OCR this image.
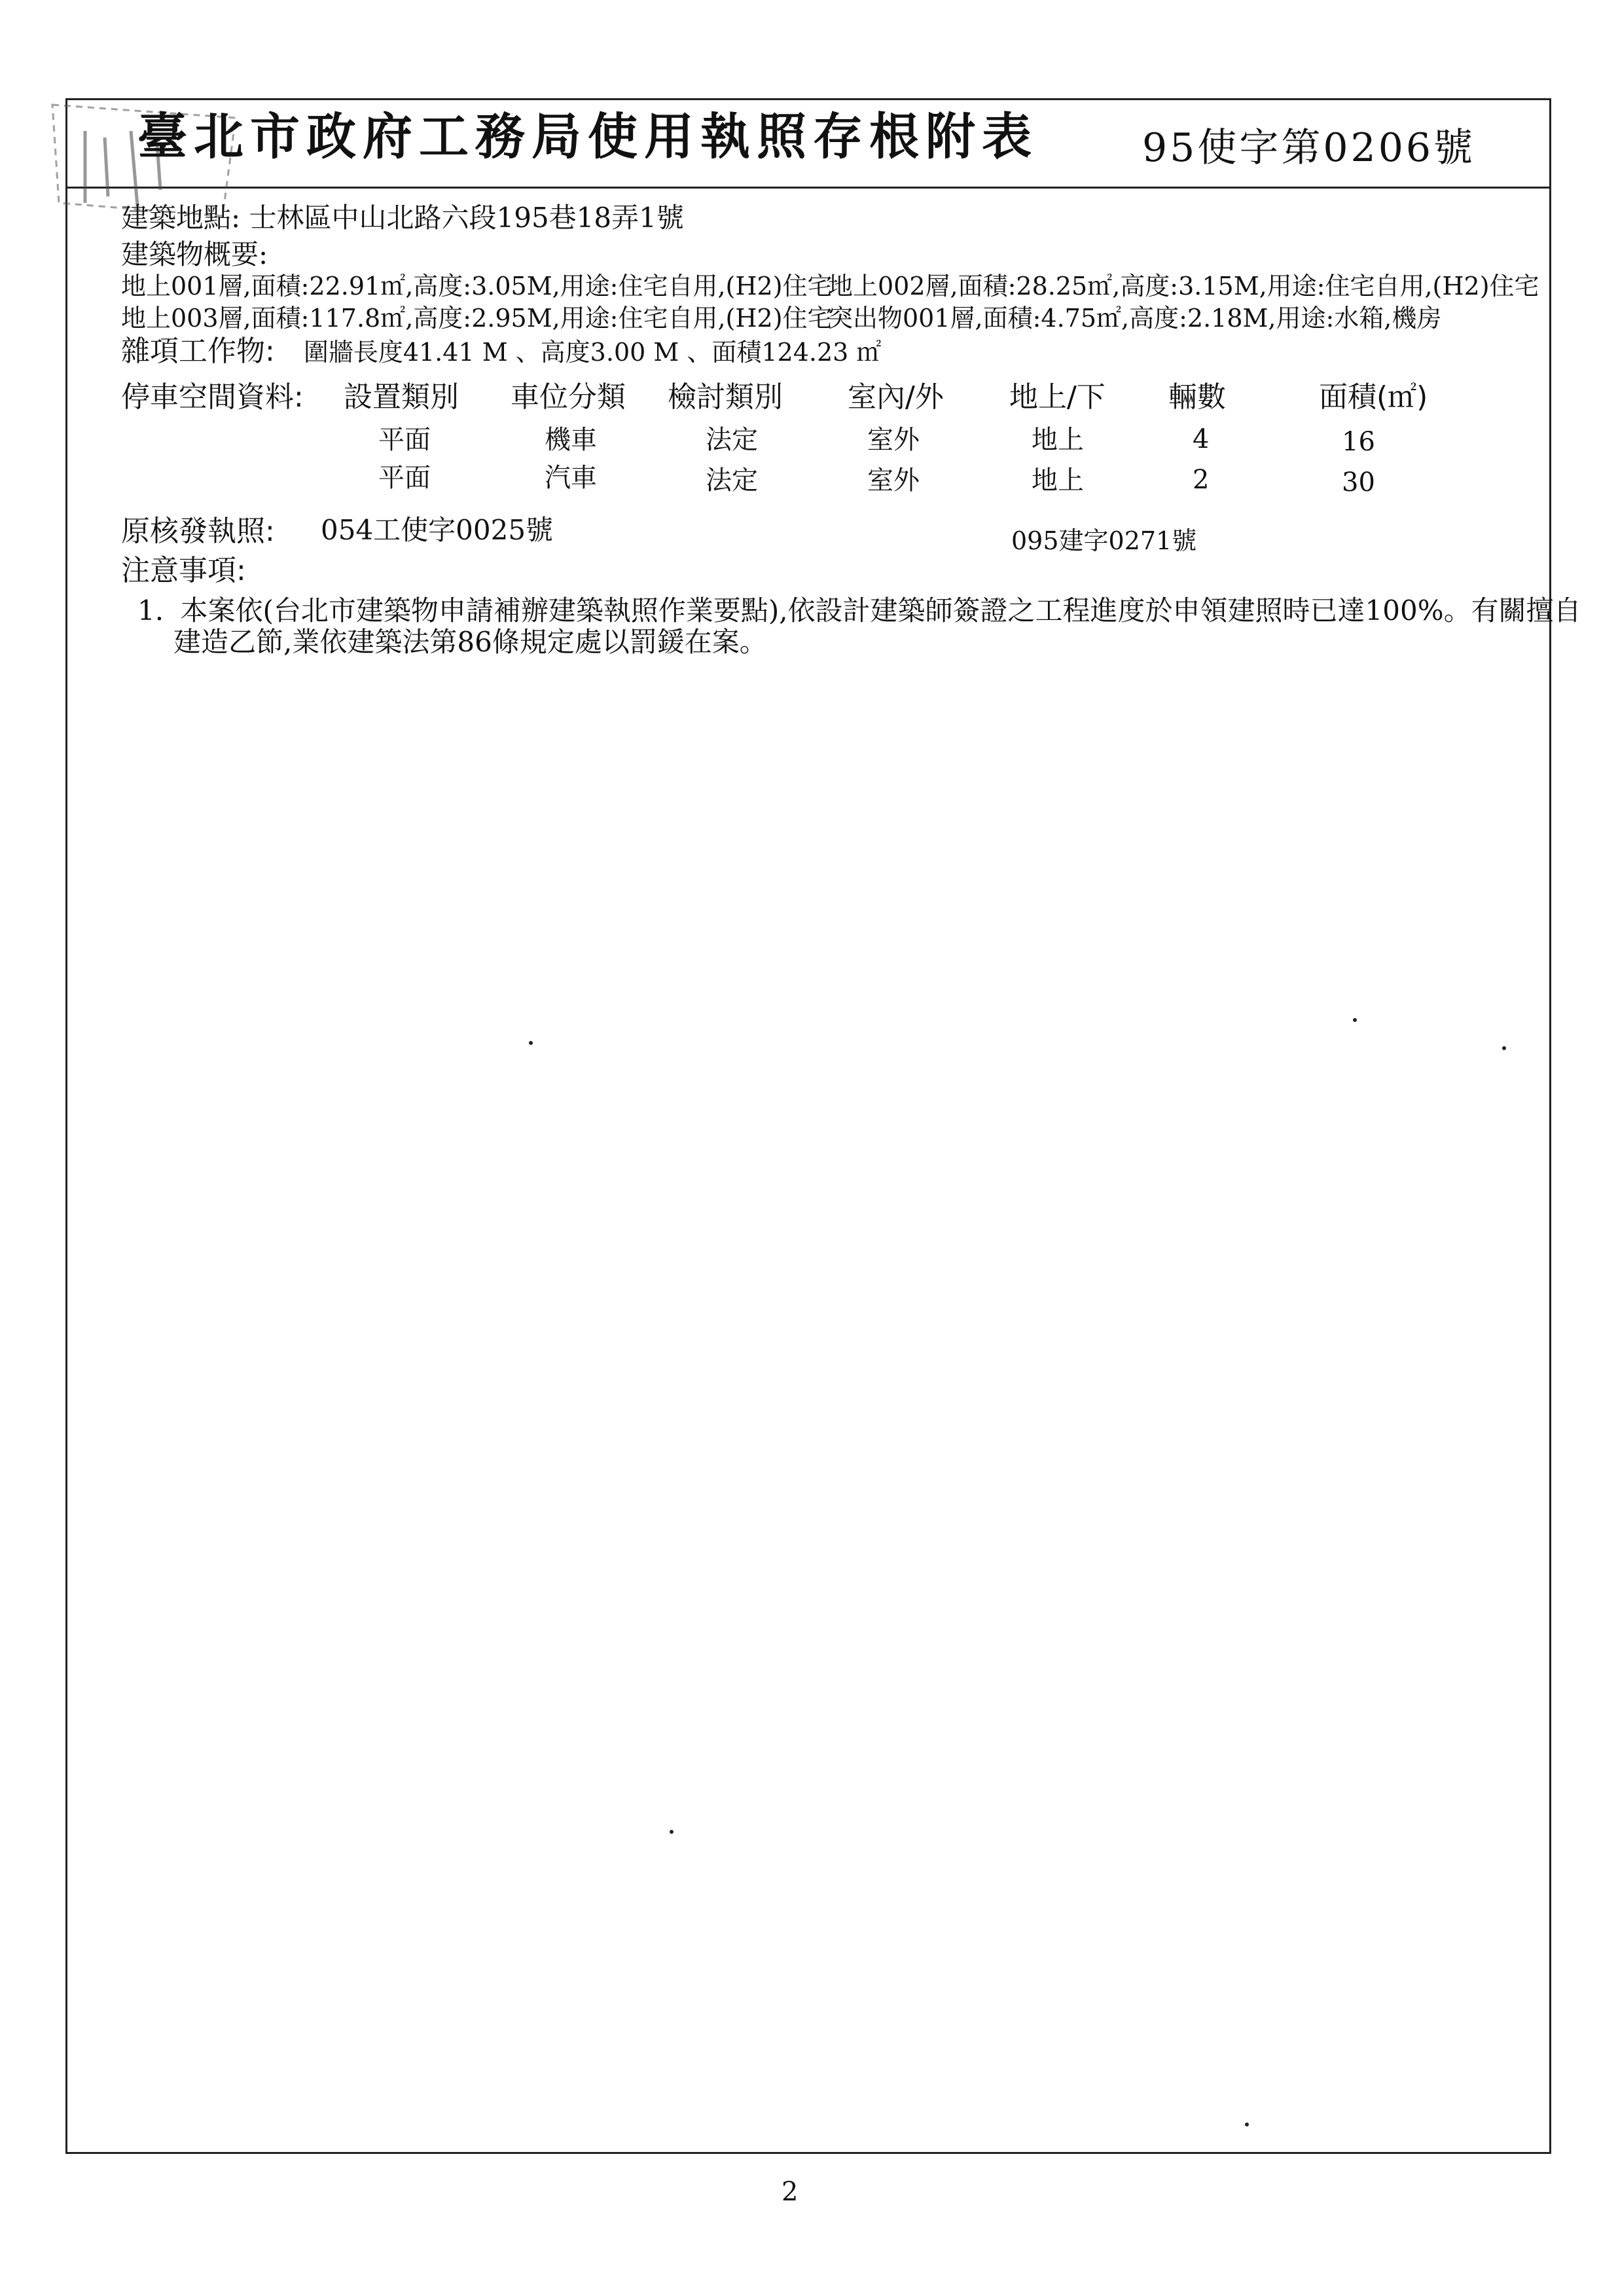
臺北市政府工務局使用執照存根附表	95使字第0206號
建築地點: 士林區中山北路六段195巷18弄1號
建築物概要:
地上001層,面積:22.91㎡,高度:3.05M,用途:住宅自用,(H2)住宅
地上002層,面積:28.25㎡,高度:3.15M,用途:住宅自用,(H2)住宅
地上003層,面積:117.8㎡,高度:2.95M,用途:住宅自用,(H2)住宅
突出物001層,面積:4.75㎡,高度:2.18M,用途:水箱,機房
雜項工作物: 圍牆長度41.41 M 、高度3.00 M 、面積124.23 ㎡
停車空間資料: 設置類別 車位分類 檢討類別 室內/外 地上/下 輛數	面積(㎡)
平面	機車	法定	室外	地上	4	16
平面	汽車	法定	室外	地上	2	30
原核發執照: 054工使字0025號	095建字0271號
注意事項:
1. 本案依(台北市建築物申請補辦建築執照作業要點),依設計建築師簽證之工程進度於申領建照時已達100%。有關擅自
建造乙節,業依建築法第86條規定處以罰鍰在案。
2
